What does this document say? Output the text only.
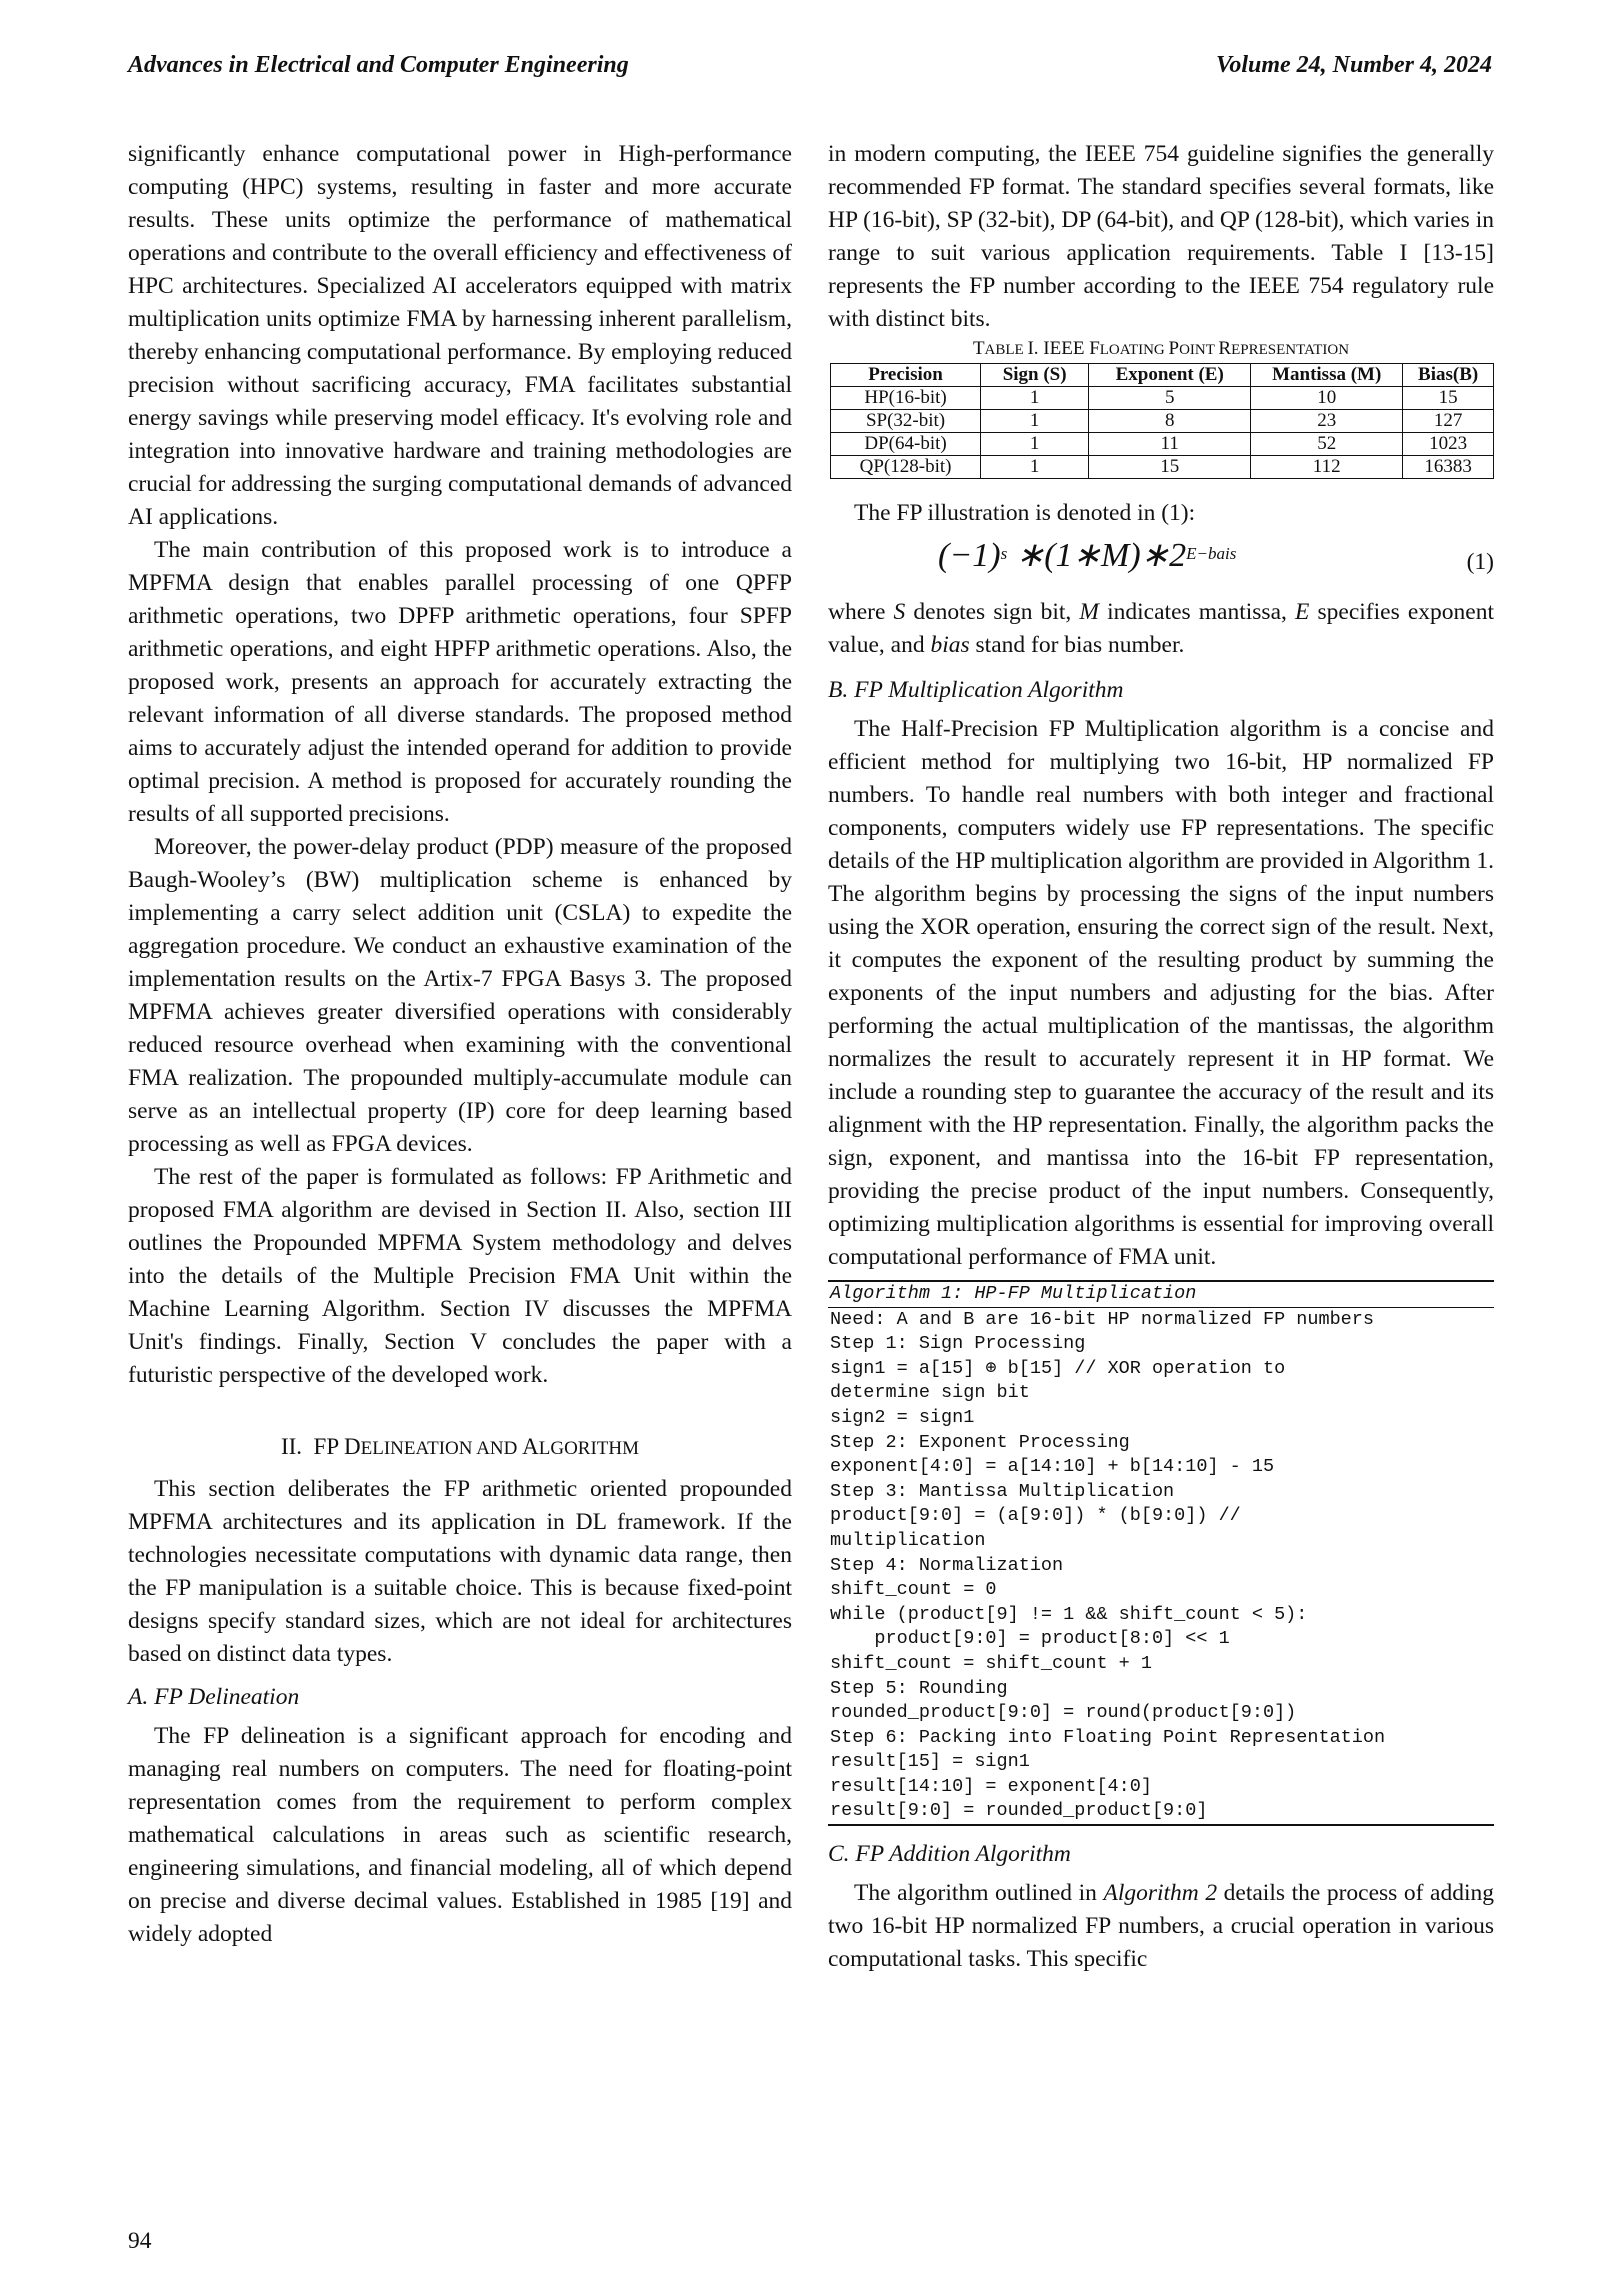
Advances in Electrical and Computer Engineering	Volume 24, Number 4, 2024

significantly enhance computational power in High-performance computing (HPC) systems, resulting in faster and more accurate results. These units optimize the performance of mathematical operations and contribute to the overall efficiency and effectiveness of HPC architectures. Specialized AI accelerators equipped with matrix multiplication units optimize FMA by harnessing inherent parallelism, thereby enhancing computational performance. By employing reduced precision without sacrificing accuracy, FMA facilitates substantial energy savings while preserving model efficacy. It's evolving role and integration into innovative hardware and training methodologies are crucial for addressing the surging computational demands of advanced AI applications.

The main contribution of this proposed work is to introduce a MPFMA design that enables parallel processing of one QPFP arithmetic operations, two DPFP arithmetic operations, four SPFP arithmetic operations, and eight HPFP arithmetic operations. Also, the proposed work, presents an approach for accurately extracting the relevant information of all diverse standards. The proposed method aims to accurately adjust the intended operand for addition to provide optimal precision. A method is proposed for accurately rounding the results of all supported precisions.

Moreover, the power-delay product (PDP) measure of the proposed Baugh-Wooley’s (BW) multiplication scheme is enhanced by implementing a carry select addition unit (CSLA) to expedite the aggregation procedure. We conduct an exhaustive examination of the implementation results on the Artix-7 FPGA Basys 3. The proposed MPFMA achieves greater diversified operations with considerably reduced resource overhead when examining with the conventional FMA realization. The propounded multiply-accumulate module can serve as an intellectual property (IP) core for deep learning based processing as well as FPGA devices.

The rest of the paper is formulated as follows: FP Arithmetic and proposed FMA algorithm are devised in Section II. Also, section III outlines the Propounded MPFMA System methodology and delves into the details of the Multiple Precision FMA Unit within the Machine Learning Algorithm. Section IV discusses the MPFMA Unit's findings. Finally, Section V concludes the paper with a futuristic perspective of the developed work.

II. FP DELINEATION AND ALGORITHM

This section deliberates the FP arithmetic oriented propounded MPFMA architectures and its application in DL framework. If the technologies necessitate computations with dynamic data range, then the FP manipulation is a suitable choice. This is because fixed-point designs specify standard sizes, which are not ideal for architectures based on distinct data types.

A. FP Delineation

The FP delineation is a significant approach for encoding and managing real numbers on computers. The need for floating-point representation comes from the requirement to perform complex mathematical calculations in areas such as scientific research, engineering simulations, and financial modeling, all of which depend on precise and diverse decimal values. Established in 1985 [19] and widely adopted

in modern computing, the IEEE 754 guideline signifies the generally recommended FP format. The standard specifies several formats, like HP (16-bit), SP (32-bit), DP (64-bit), and QP (128-bit), which varies in range to suit various application requirements. Table I [13-15] represents the FP number according to the IEEE 754 regulatory rule with distinct bits.

TABLE I. IEEE FLOATING POINT REPRESENTATION
Precision	Sign (S)	Exponent (E)	Mantissa (M)	Bias(B)
HP(16-bit)	1	5	10	15
SP(32-bit)	1	8	23	127
DP(64-bit)	1	11	52	1023
QP(128-bit)	1	15	112	16383

The FP illustration is denoted in (1):

$(-1)^s$ $∗(1∗M)∗2^{E-bais}$	(1)

where S denotes sign bit, M indicates mantissa, E specifies exponent value, and bias stand for bias number.

B. FP Multiplication Algorithm

The Half-Precision FP Multiplication algorithm is a concise and efficient method for multiplying two 16-bit, HP normalized FP numbers. To handle real numbers with both integer and fractional components, computers widely use FP representations. The specific details of the HP multiplication algorithm are provided in Algorithm 1. The algorithm begins by processing the signs of the input numbers using the XOR operation, ensuring the correct sign of the result. Next, it computes the exponent of the resulting product by summing the exponents of the input numbers and adjusting for the bias. After performing the actual multiplication of the mantissas, the algorithm normalizes the result to accurately represent it in HP format. We include a rounding step to guarantee the accuracy of the result and its alignment with the HP representation. Finally, the algorithm packs the sign, exponent, and mantissa into the 16-bit FP representation, providing the precise product of the input numbers. Consequently, optimizing multiplication algorithms is essential for improving overall computational performance of FMA unit.

Algorithm 1: HP-FP Multiplication
Need: A and B are 16-bit HP normalized FP numbers
Step 1: Sign Processing
sign1 = a[15] ⊕ b[15] // XOR operation to
determine sign bit
sign2 = sign1
Step 2: Exponent Processing
exponent[4:0] = a[14:10] + b[14:10] - 15
Step 3: Mantissa Multiplication
product[9:0] = (a[9:0]) * (b[9:0]) //
multiplication
Step 4: Normalization
shift_count = 0
while (product[9] != 1 && shift_count < 5):
product[9:0] = product[8:0] << 1
shift_count = shift_count + 1
Step 5: Rounding
rounded_product[9:0] = round(product[9:0])
Step 6: Packing into Floating Point Representation
result[15] = sign1
result[14:10] = exponent[4:0]
result[9:0] = rounded_product[9:0]
C. FP Addition Algorithm

The algorithm outlined in Algorithm 2 details the process of adding two 16-bit HP normalized FP numbers, a crucial operation in various computational tasks. This specific

94
